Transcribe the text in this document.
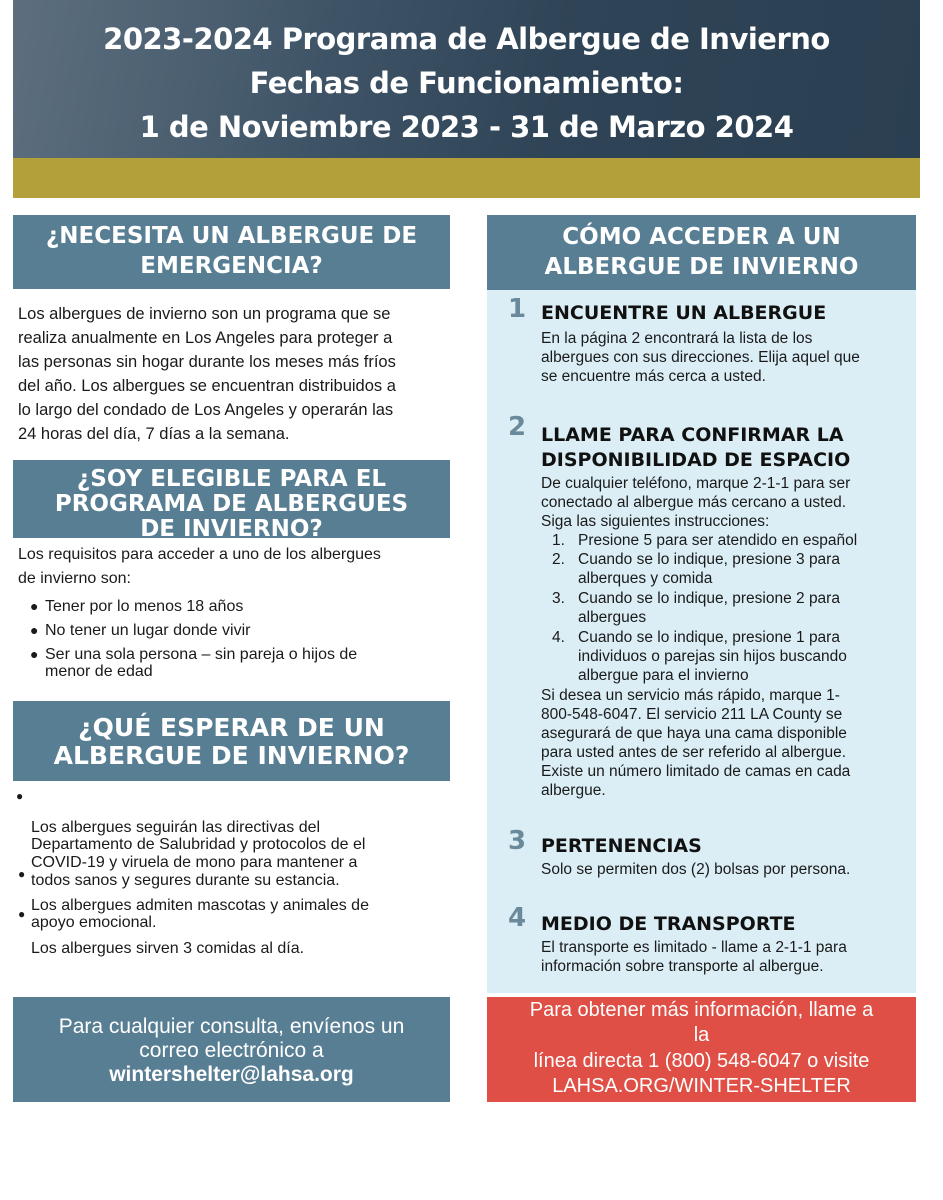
2023-2024 Programa de Albergue de Invierno
Fechas de Funcionamiento:
1 de Noviembre 2023 - 31 de Marzo 2024
¿NECESITA UN ALBERGUE DE
EMERGENCIA?

Los albergues de invierno son un programa que se

realiza anualmente en Los Angeles para proteger a

las personas sin hogar durante los meses más fríos

del año. Los albergues se encuentran distribuidos a

lo largo del condado de Los Angeles y operarán las

24 horas del día, 7 días a la semana.

¿SOY ELEGIBLE PARA EL
PROGRAMA DE ALBERGUES
DE INVIERNO?

Los requisitos para acceder a uno de los albergues

de invierno son:

● Tener por lo menos 18 años
● No tener un lugar donde vivir
● Ser una sola persona – sin pareja o hijos de
menor de edad
¿QUÉ ESPERAR DE UN
ALBERGUE DE INVIERNO?
●
Los albergues seguirán las directivas del
Departamento de Salubridad y protocolos de el
COVID-19 y viruela de mono para mantener a
todos sanos y segures durante su estancia.
●
Los albergues admiten mascotas y animales de
apoyo emocional.
●
Los albergues sirven 3 comidas al día.
CÓMO ACCEDER A UN
ALBERGUE DE INVIERNO
1 ENCUENTRE UN ALBERGUE
En la página 2 encontrará la lista de los
albergues con sus direcciones. Elija aquel que
se encuentre más cerca a usted.
2 LLAME PARA CONFIRMAR LA
DISPONIBILIDAD DE ESPACIO
De cualquier teléfono, marque 2-1-1 para ser
conectado al albergue más cercano a usted.
Siga las siguientes instrucciones:
1. Presione 5 para ser atendido en español
2. Cuando se lo indique, presione 3 para
alberques y comida
3. Cuando se lo indique, presione 2 para
albergues
4. Cuando se lo indique, presione 1 para
individuos o parejas sin hijos buscando
albergue para el invierno
Si desea un servicio más rápido, marque 1-
800-548-6047. El servicio 211 LA County se
asegurará de que haya una cama disponible
para usted antes de ser referido al albergue.
Existe un número limitado de camas en cada
albergue.
3 PERTENENCIAS
Solo se permiten dos (2) bolsas por persona.
4 MEDIO DE TRANSPORTE
El transporte es limitado - llame a 2-1-1 para
información sobre transporte al albergue.
Para cualquier consulta, envíenos un
correo electrónico a
wintershelter@lahsa.org
Para obtener más información, llame a
la
línea directa 1 (800) 548-6047 o visite
LAHSA.ORG/WINTER-SHELTER
